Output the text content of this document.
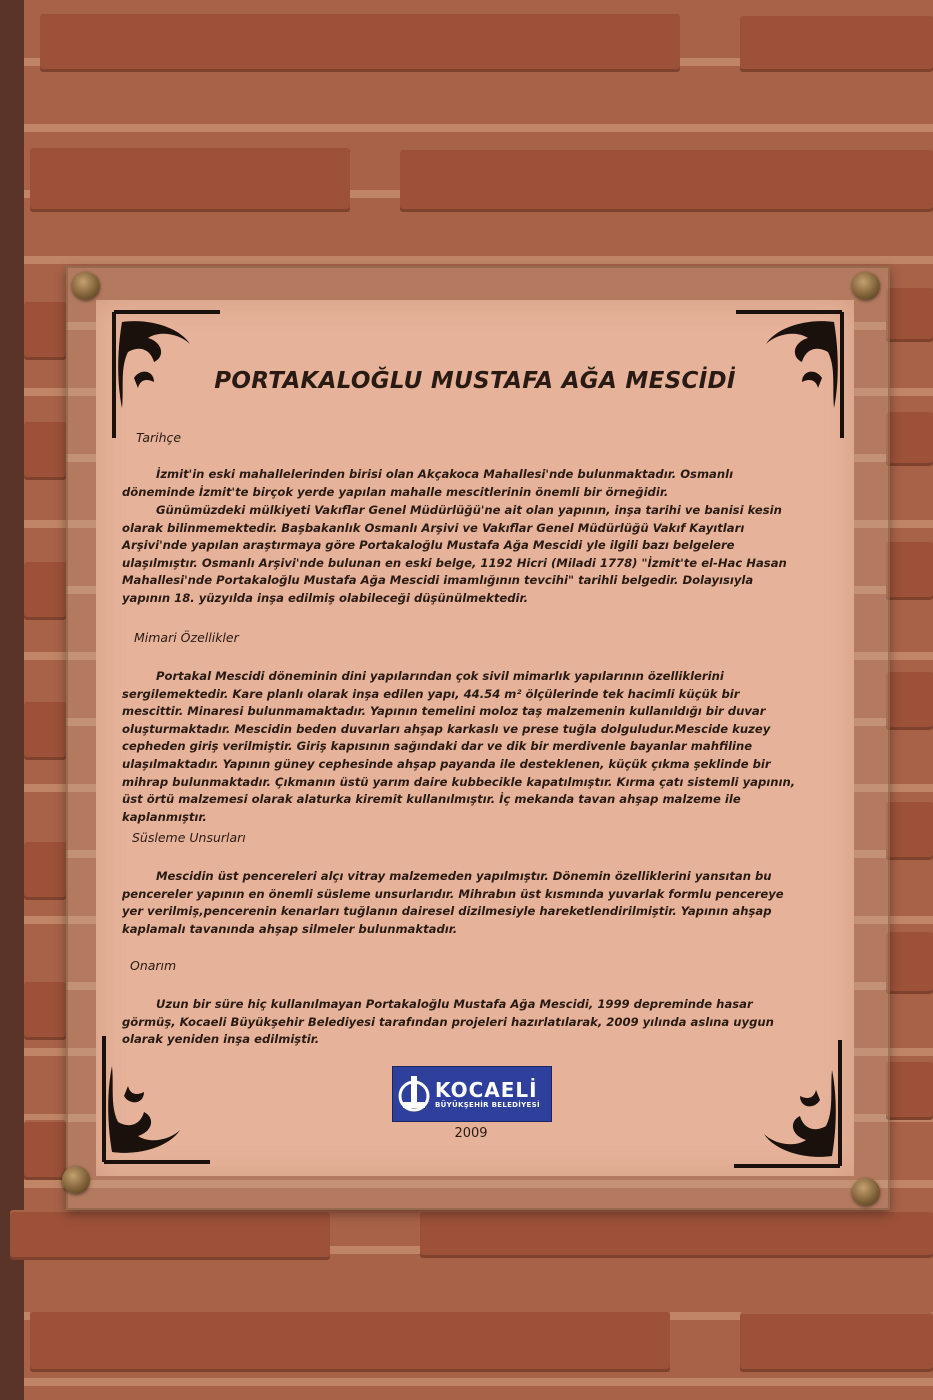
PORTAKALOĞLU MUSTAFA AĞA MESCİDİ
Tarihçe

İzmit'in eski mahallelerinden birisi olan Akçakoca Mahallesi'nde bulunmaktadır. Osmanlı döneminde İzmit'te birçok yerde yapılan mahalle mescitlerinin önemli bir örneğidir.

Günümüzdeki mülkiyeti Vakıflar Genel Müdürlüğü'ne ait olan yapının, inşa tarihi ve banisi kesin olarak bilinmemektedir. Başbakanlık Osmanlı Arşivi ve Vakıflar Genel Müdürlüğü Vakıf Kayıtları Arşivi'nde yapılan araştırmaya göre Portakaloğlu Mustafa Ağa Mescidi yle ilgili bazı belgelere ulaşılmıştır. Osmanlı Arşivi'nde bulunan en eski belge, 1192 Hicri (Miladi 1778) "İzmit'te el-Hac Hasan Mahallesi'nde Portakaloğlu Mustafa Ağa Mescidi imamlığının tevcihi" tarihli belgedir. Dolayısıyla yapının 18. yüzyılda inşa edilmiş olabileceği düşünülmektedir.

Mimari Özellikler

Portakal Mescidi döneminin dini yapılarından çok sivil mimarlık yapılarının özelliklerini sergilemektedir. Kare planlı olarak inşa edilen yapı, 44.54 m² ölçülerinde tek hacimli küçük bir mescittir. Minaresi bulunmamaktadır. Yapının temelini moloz taş malzemenin kullanıldığı bir duvar oluşturmaktadır. Mescidin beden duvarları ahşap karkaslı ve prese tuğla dolguludur.Mescide kuzey cepheden giriş verilmiştir. Giriş kapısının sağındaki dar ve dik bir merdivenle bayanlar mahfiline ulaşılmaktadır. Yapının güney cephesinde ahşap payanda ile desteklenen, küçük çıkma şeklinde bir mihrap bulunmaktadır. Çıkmanın üstü yarım daire kubbecikle kapatılmıştır. Kırma çatı sistemli yapının, üst örtü malzemesi olarak alaturka kiremit kullanılmıştır. İç mekanda tavan ahşap malzeme ile kaplanmıştır.

Süsleme Unsurları

Mescidin üst pencereleri alçı vitray malzemeden yapılmıştır. Dönemin özelliklerini yansıtan bu pencereler yapının en önemli süsleme unsurlarıdır. Mihrabın üst kısmında yuvarlak formlu pencereye yer verilmiş,pencerenin kenarları tuğlanın dairesel dizilmesiyle hareketlendirilmiştir. Yapının ahşap kaplamalı tavanında ahşap silmeler bulunmaktadır.

Onarım

Uzun bir süre hiç kullanılmayan Portakaloğlu Mustafa Ağa Mescidi, 1999 depreminde hasar görmüş, Kocaeli Büyükşehir Belediyesi tarafından projeleri hazırlatılarak, 2009 yılında aslına uygun olarak yeniden inşa edilmiştir.

KOCAELİ
BÜYÜKŞEHİR BELEDİYESİ
2009
